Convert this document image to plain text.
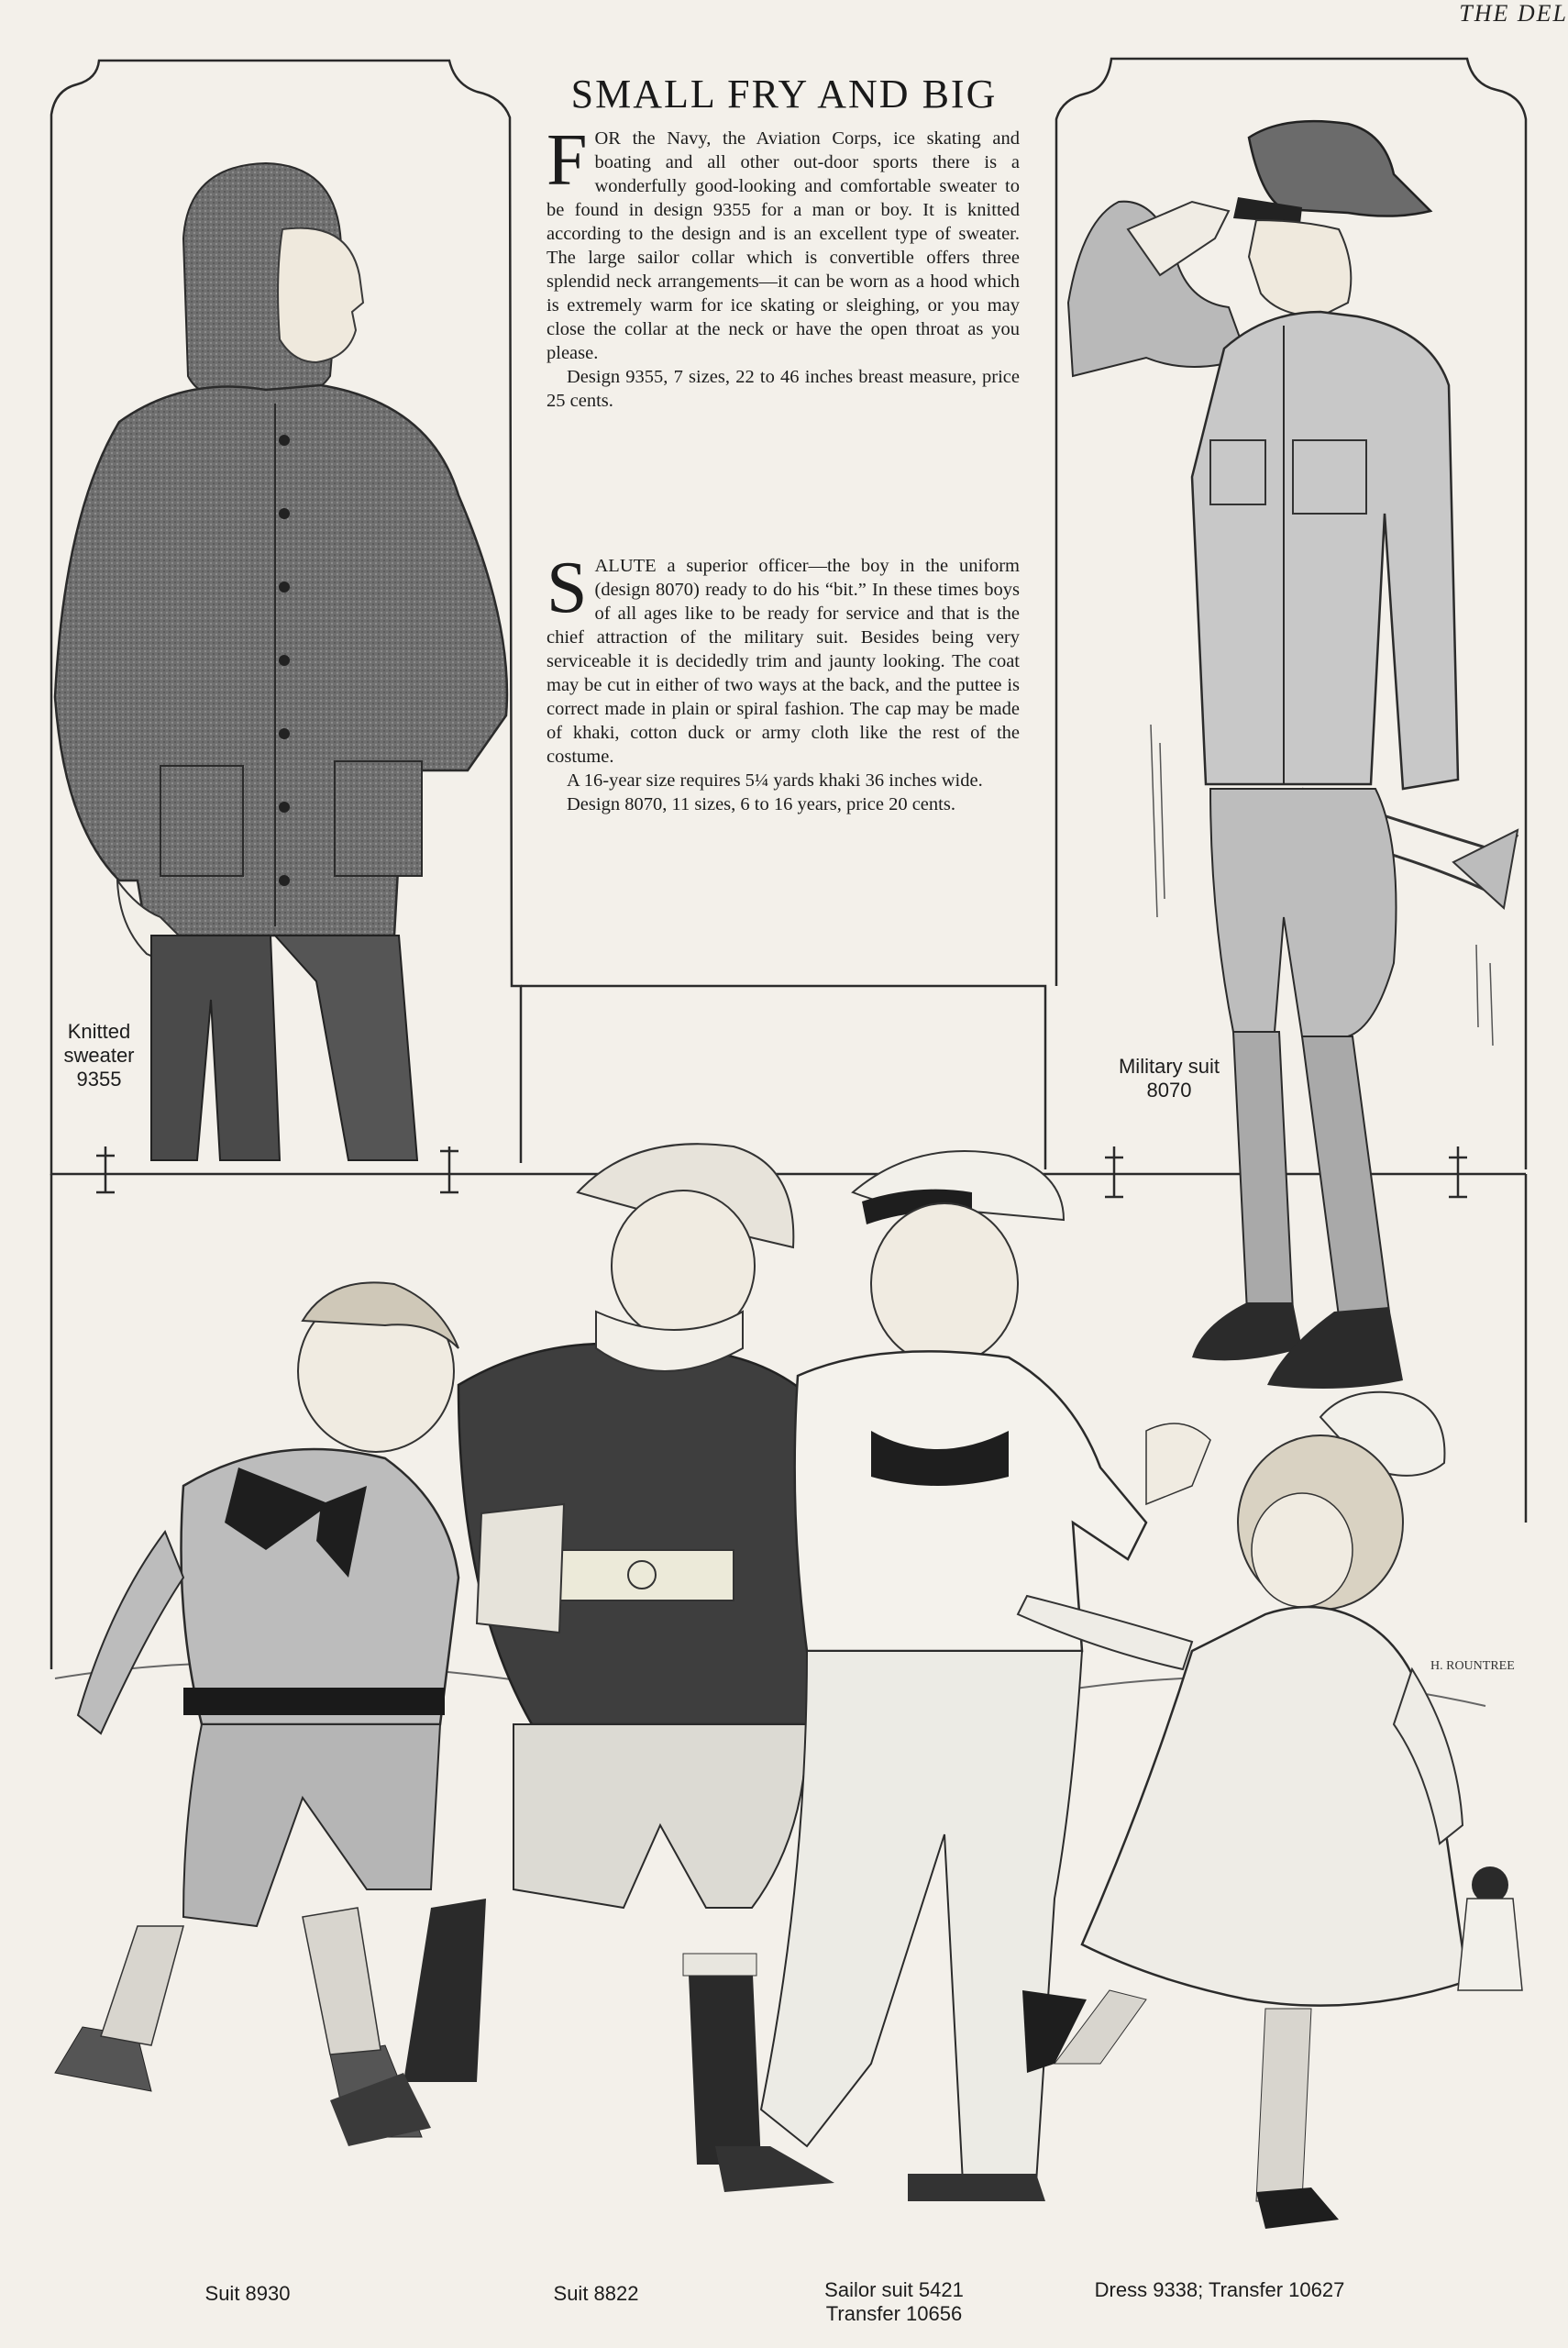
H. ROUNTREE
THE DEL
SMALL FRY AND BIG
F OR the Navy, the Aviation Corps, ice skating and boating and all other out-door sports there is a wonderfully good-looking and comfortable sweater to be found in design 9355 for a man or boy. It is knitted according to the design and is an excellent type of sweater. The large sailor collar which is convertible offers three splendid neck arrangements—it can be worn as a hood which is extremely warm for ice skating or sleighing, or you may close the collar at the neck or have the open throat as you please.

Design 9355, 7 sizes, 22 to 46 inches breast measure, price 25 cents.

S ALUTE a superior officer—the boy in the uniform (design 8070) ready to do his “bit.” In these times boys of all ages like to be ready for service and that is the chief attraction of the military suit. Besides being very serviceable it is decidedly trim and jaunty looking. The coat may be cut in either of two ways at the back, and the puttee is correct made in plain or spiral fashion. The cap may be made of khaki, cotton duck or army cloth like the rest of the costume.

A 16-year size requires 5¼ yards khaki 36 inches wide.

Design 8070, 11 sizes, 6 to 16 years, price 20 cents.

Knitted
sweater
9355
Military suit
8070
Suit 8930	Suit 8822	Sailor suit 5421
Transfer 10656
Dress 9338; Transfer 10627
